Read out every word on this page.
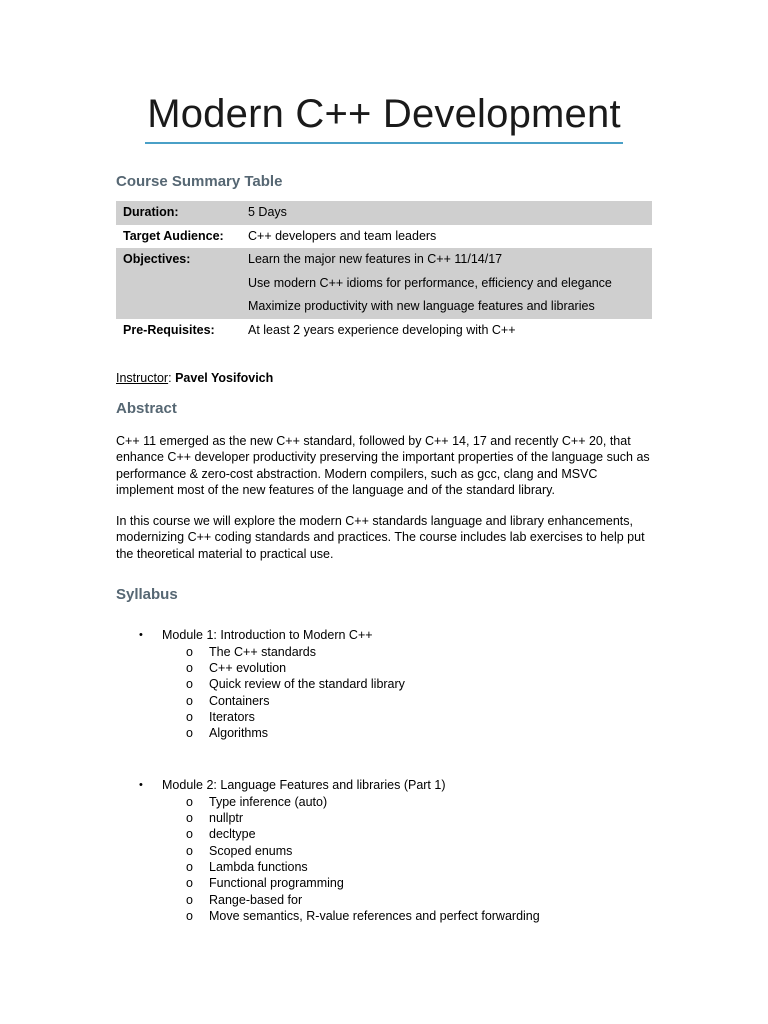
Modern C++ Development
Course Summary Table
Duration:	5 Days
Target Audience:	C++ developers and team leaders
Objectives:	Learn the major new features in C++ 11/14/17
Use modern C++ idioms for performance, efficiency and elegance
Maximize productivity with new language features and libraries

Pre-Requisites:	At least 2 years experience developing with C++
Instructor: Pavel Yosifovich
Abstract
C++ 11 emerged as the new C++ standard, followed by C++ 14, 17 and recently C++ 20, that enhance C++ developer productivity preserving the important properties of the language such as performance & zero-cost abstraction. Modern compilers, such as gcc, clang and MSVC implement most of the new features of the language and of the standard library.
In this course we will explore the modern C++ standards language and library enhancements, modernizing C++ coding standards and practices. The course includes lab exercises to help put the theoretical material to practical use.
Syllabus
• Module 1: Introduction to Modern C++
o The C++ standards
o C++ evolution
o Quick review of the standard library
o Containers
o Iterators
o Algorithms
• Module 2: Language Features and libraries (Part 1)
o Type inference (auto)
o nullptr
o decltype
o Scoped enums
o Lambda functions
o Functional programming
o Range-based for
o Move semantics, R-value references and perfect forwarding
